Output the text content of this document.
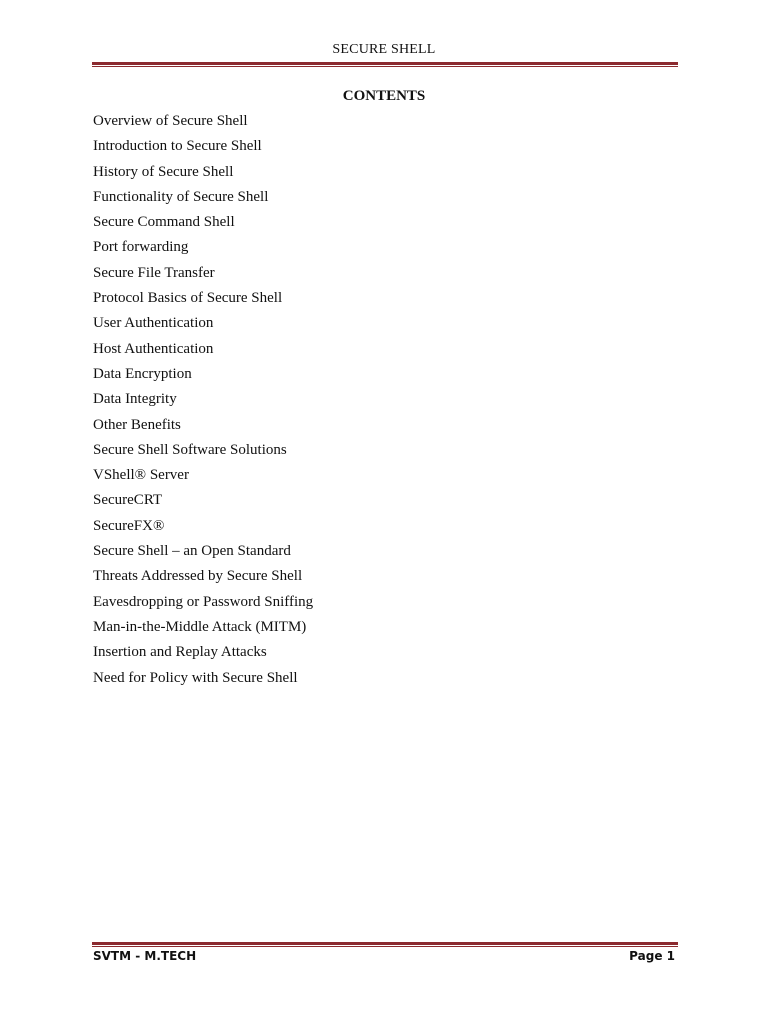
SECURE SHELL
CONTENTS
Overview of Secure Shell
Introduction to Secure Shell
History of Secure Shell
Functionality of Secure Shell
Secure Command Shell
Port forwarding
Secure File Transfer
Protocol Basics of Secure Shell
User Authentication
Host Authentication
Data Encryption
Data Integrity
Other Benefits
Secure Shell Software Solutions
VShell® Server
SecureCRT
SecureFX®
Secure Shell – an Open Standard
Threats Addressed by Secure Shell
Eavesdropping or Password Sniffing
Man-in-the-Middle Attack (MITM)
Insertion and Replay Attacks
Need for Policy with Secure Shell
SVTM - M.TECH	Page 1
